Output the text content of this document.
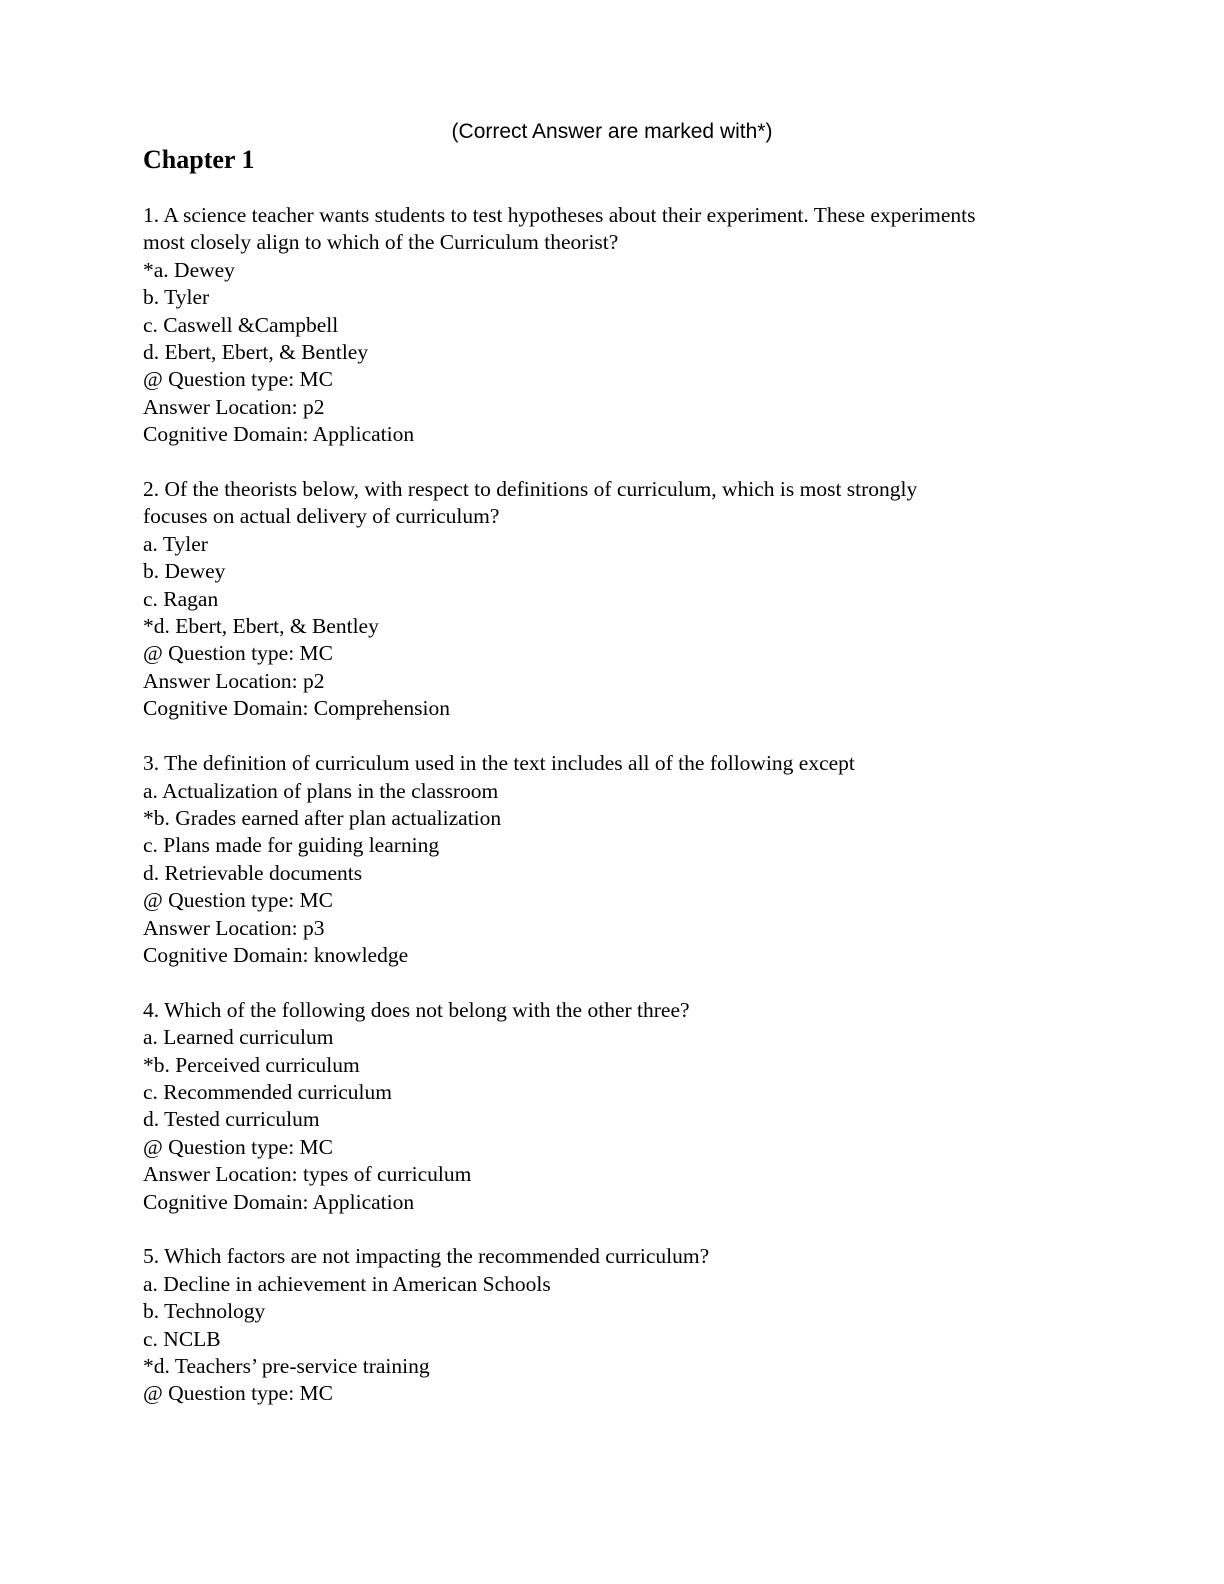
(Correct Answer are marked with*)
Chapter 1
1. A science teacher wants students to test hypotheses about their experiment. These experiments
most closely align to which of the Curriculum theorist?
*a. Dewey
b. Tyler
c. Caswell &Campbell
d. Ebert, Ebert, & Bentley
@ Question type: MC
Answer Location: p2
Cognitive Domain: Application
2. Of the theorists below, with respect to definitions of curriculum, which is most strongly
focuses on actual delivery of curriculum?
a. Tyler
b. Dewey
c. Ragan
*d. Ebert, Ebert, & Bentley
@ Question type: MC
Answer Location: p2
Cognitive Domain: Comprehension
3. The definition of curriculum used in the text includes all of the following except
a. Actualization of plans in the classroom
*b. Grades earned after plan actualization
c. Plans made for guiding learning
d. Retrievable documents
@ Question type: MC
Answer Location: p3
Cognitive Domain: knowledge
4. Which of the following does not belong with the other three?
a. Learned curriculum
*b. Perceived curriculum
c. Recommended curriculum
d. Tested curriculum
@ Question type: MC
Answer Location: types of curriculum
Cognitive Domain: Application
5. Which factors are not impacting the recommended curriculum?
a. Decline in achievement in American Schools
b. Technology
c. NCLB
*d. Teachers’ pre-service training
@ Question type: MC
